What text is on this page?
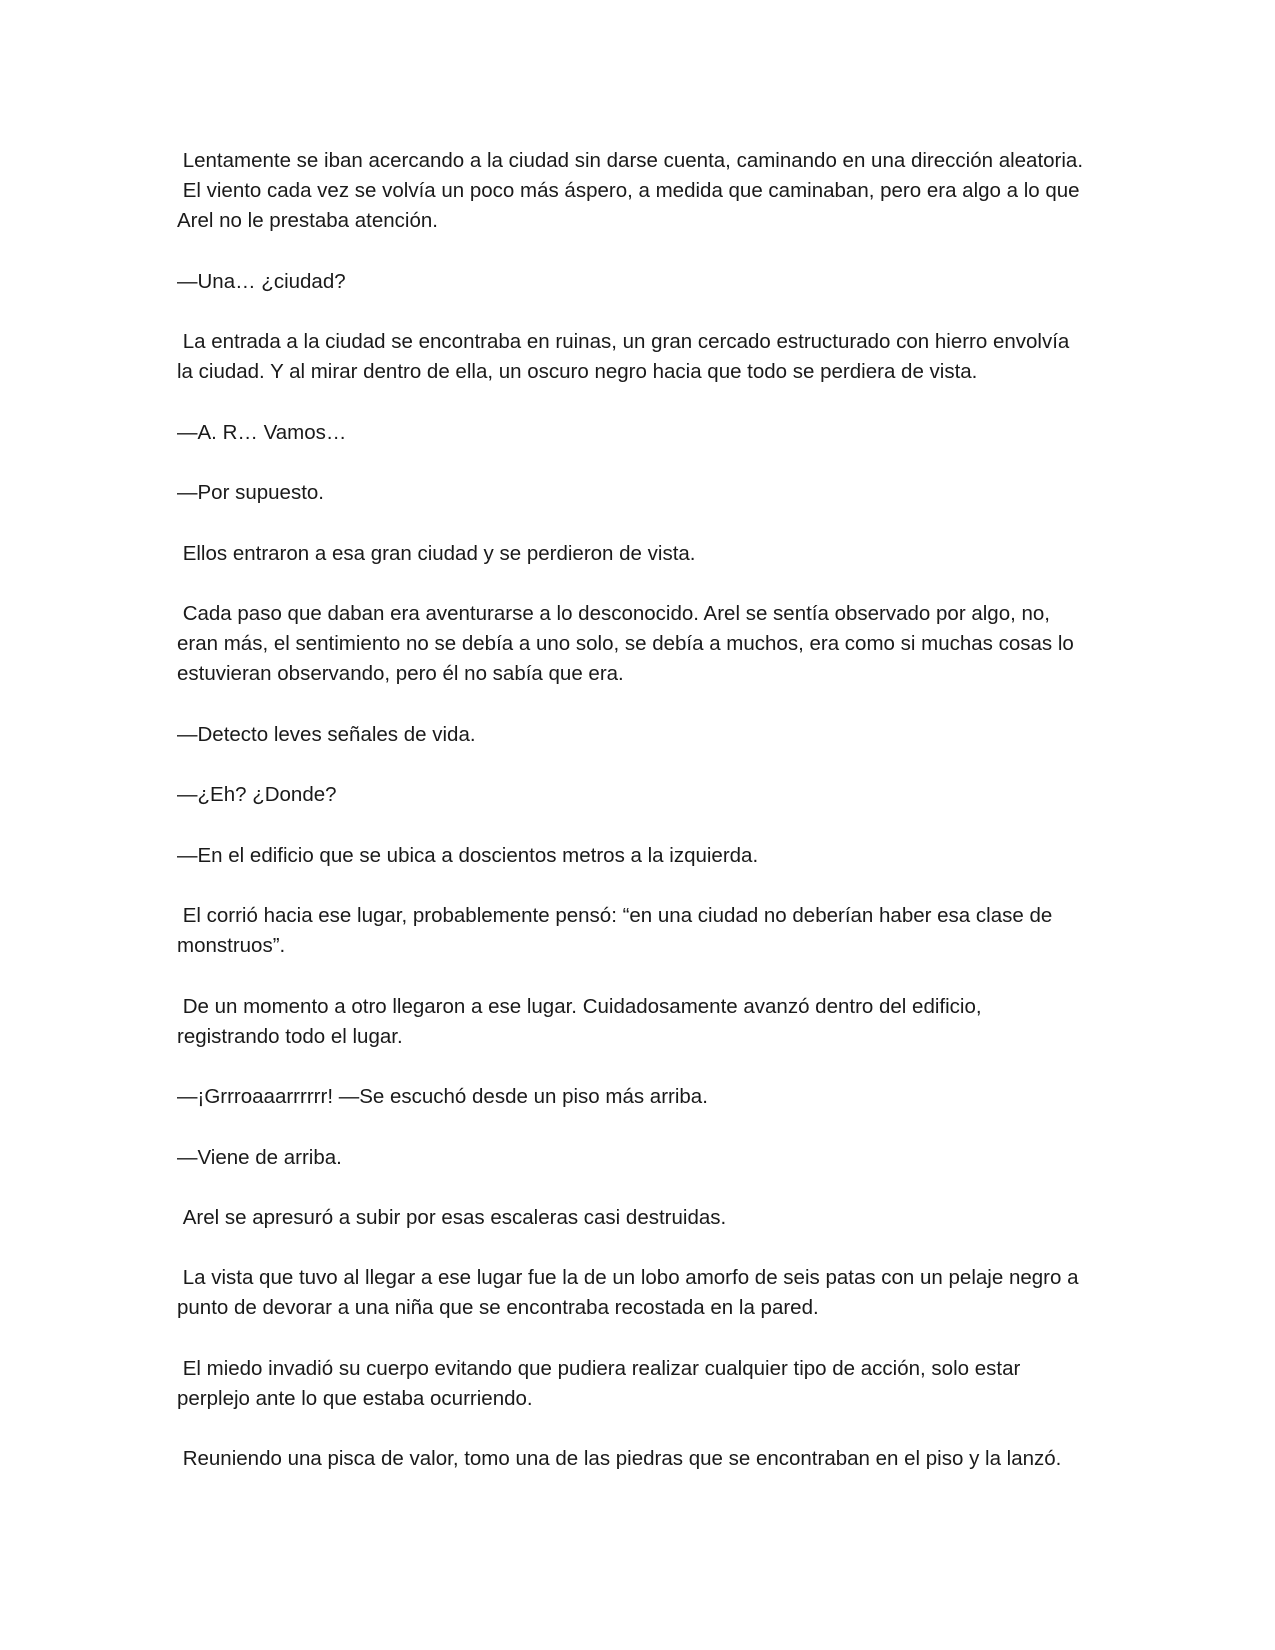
Lentamente se iban acercando a la ciudad sin darse cuenta, caminando en una dirección aleatoria.
El viento cada vez se volvía un poco más áspero, a medida que caminaban, pero era algo a lo que
Arel no le prestaba atención.

—Una… ¿ciudad?

La entrada a la ciudad se encontraba en ruinas, un gran cercado estructurado con hierro envolvía
la ciudad. Y al mirar dentro de ella, un oscuro negro hacia que todo se perdiera de vista.

—A. R… Vamos…

—Por supuesto.

Ellos entraron a esa gran ciudad y se perdieron de vista.

Cada paso que daban era aventurarse a lo desconocido. Arel se sentía observado por algo, no,
eran más, el sentimiento no se debía a uno solo, se debía a muchos, era como si muchas cosas lo
estuvieran observando, pero él no sabía que era.

—Detecto leves señales de vida.

—¿Eh? ¿Donde?

—En el edificio que se ubica a doscientos metros a la izquierda.

El corrió hacia ese lugar, probablemente pensó: “en una ciudad no deberían haber esa clase de
monstruos”.

De un momento a otro llegaron a ese lugar. Cuidadosamente avanzó dentro del edificio,
registrando todo el lugar.

—¡Grrroaaarrrrrr! —Se escuchó desde un piso más arriba.

—Viene de arriba.

Arel se apresuró a subir por esas escaleras casi destruidas.

La vista que tuvo al llegar a ese lugar fue la de un lobo amorfo de seis patas con un pelaje negro a
punto de devorar a una niña que se encontraba recostada en la pared.

El miedo invadió su cuerpo evitando que pudiera realizar cualquier tipo de acción, solo estar
perplejo ante lo que estaba ocurriendo.

Reuniendo una pisca de valor, tomo una de las piedras que se encontraban en el piso y la lanzó.
